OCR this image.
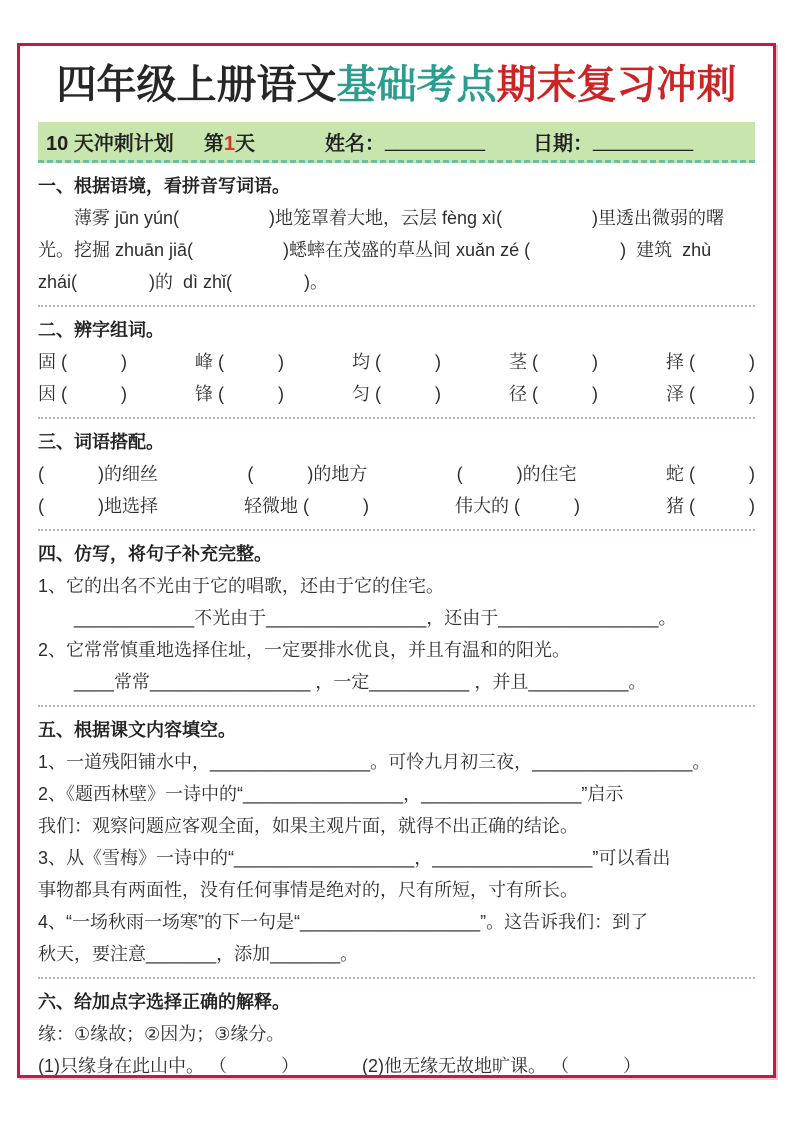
四年级上册语文基础考点期末复习冲刺
10 天冲刺计划 第1天	姓名： _________ 日期： _________
一、根据语境，看拼音写词语。

　　薄雾 jūn yún(　　　　　)地笼罩着大地，云层 fèng xì(　　　　　)里透出微弱的曙

光。挖掘 zhuān jiā(　　　　　)蟋蟀在茂盛的草丛间 xuǎn zé (　　　　　)  建筑  zhù

zhái(　　　　)的  dì zhǐ(　　　　)。

二、辨字组词。
固 (　　　)	峰 (　　　)	均 (　　　)	茎 (　　　)	择 (　　　)
因 (　　　)	锋 (　　　)	匀 (　　　)	径 (　　　)	泽 (　　　)
三、词语搭配。
(　　　)的细丝	(　　　)的地方	(　　　)的住宅	蛇 (　　　)
(　　　)地选择	轻微地 (　　　)	伟大的 (　　　)	猪 (　　　)
四、仿写，将句子补充完整。

1、它的出名不光由于它的唱歌，还由于它的住宅。

　　____________不光由于________________，还由于________________。

2、它常常慎重地选择住址，一定要排水优良，并且有温和的阳光。

　　____常常________________ ，一定__________ ，并且__________。

五、根据课文内容填空。

1、一道残阳铺水中，________________。可怜九月初三夜，________________。

2、《题西林壁》一诗中的“________________，________________”启示

我们：观察问题应客观全面，如果主观片面，就得不出正确的结论。

3、从《雪梅》一诗中的“__________________，________________”可以看出

事物都具有两面性，没有任何事情是绝对的，尺有所短，寸有所长。

4、“一场秋雨一场寒”的下一句是“__________________”。这告诉我们：到了

秋天，要注意_______，添加_______。

六、给加点字选择正确的解释。

缘：①缘故；②因为；③缘分。

(1)只缘身在此山中。 （　　　）　　　　(2)他无缘无故地旷课。 （　　　）
